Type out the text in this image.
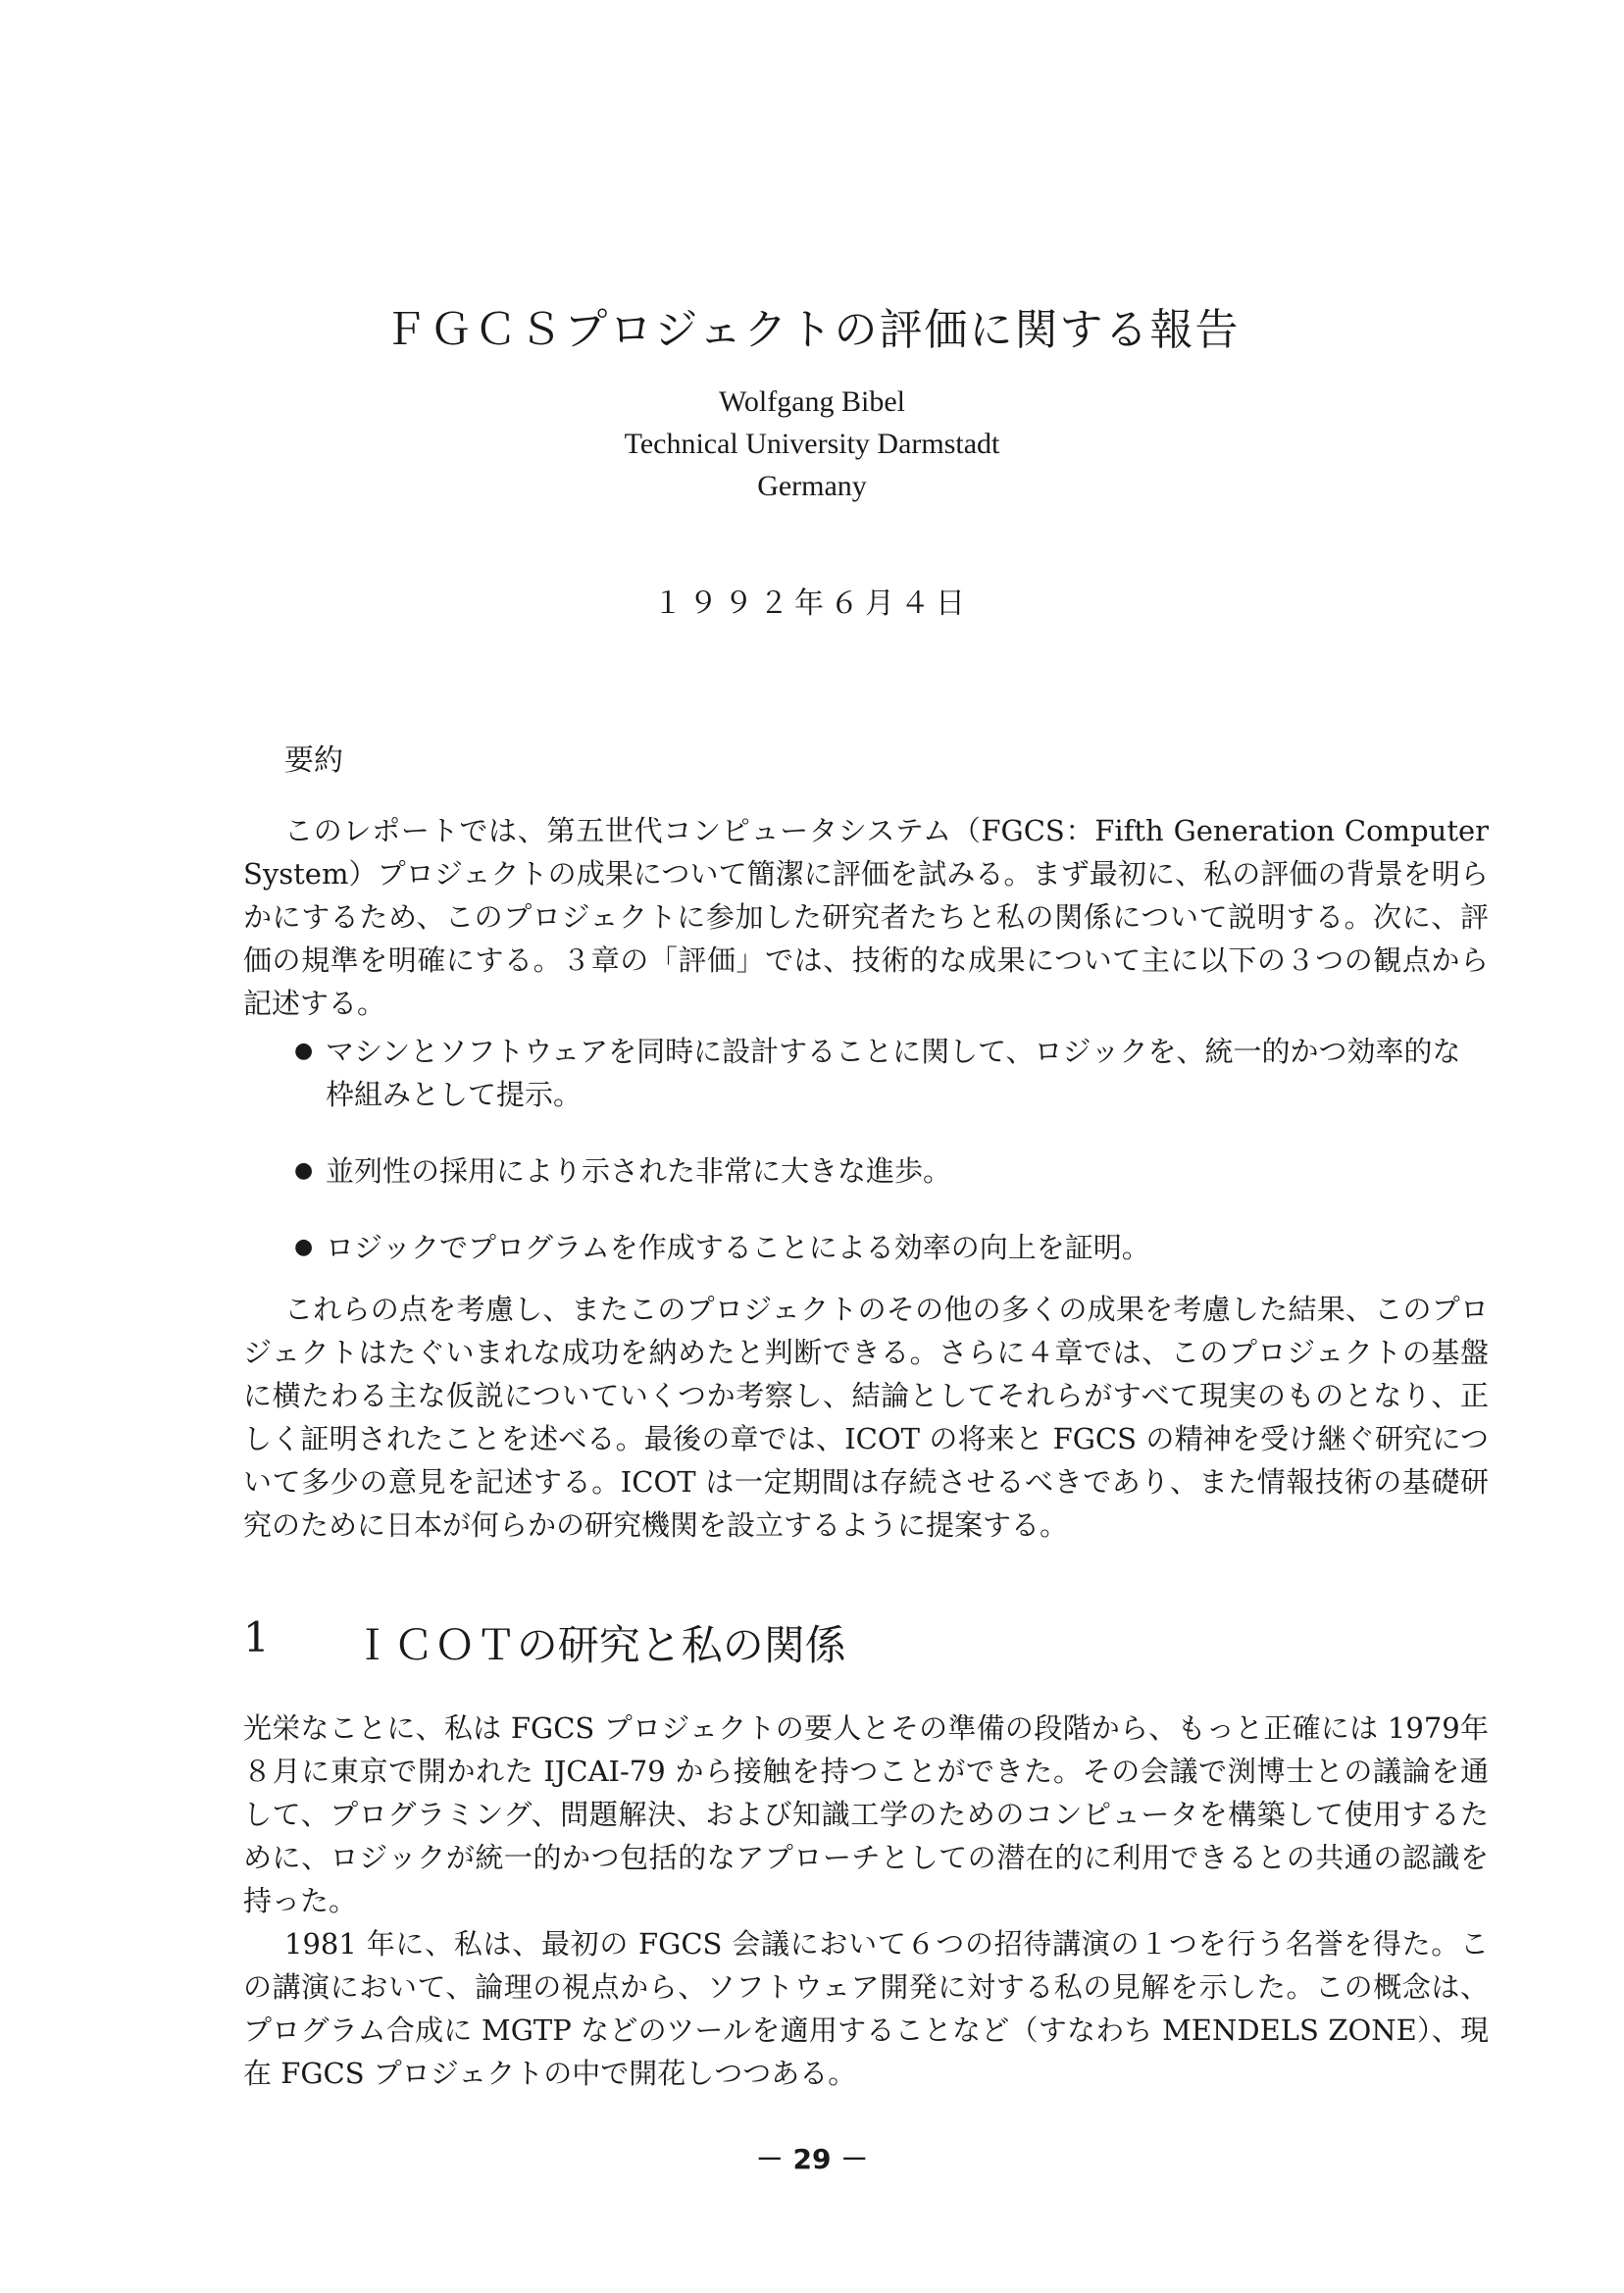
ＦＧＣＳプロジェクトの評価に関する報告
Wolfgang Bibel
Technical University Darmstadt
Germany
１９９２年６月４日
要約

このレポートでは、第五世代コンピュータシステム（FGCS：Fifth Generation Computer System）プロジェクトの成果について簡潔に評価を試みる。まず最初に、私の評価の背景を明らかにするため、このプロジェクトに参加した研究者たちと私の関係について説明する。次に、評価の規準を明確にする。３章の「評価」では、技術的な成果について主に以下の３つの観点から記述する。

● マシンとソフトウェアを同時に設計することに関して、ロジックを、統一的かつ効率的な枠組みとして提示。
● 並列性の採用により示された非常に大きな進歩。
● ロジックでプログラムを作成することによる効率の向上を証明。

これらの点を考慮し、またこのプロジェクトのその他の多くの成果を考慮した結果、このプロジェクトはたぐいまれな成功を納めたと判断できる。さらに４章では、このプロジェクトの基盤に横たわる主な仮説についていくつか考察し、結論としてそれらがすべて現実のものとなり、正しく証明されたことを述べる。最後の章では、ICOT の将来と FGCS の精神を受け継ぐ研究について多少の意見を記述する。ICOT は一定期間は存続させるべきであり、また情報技術の基礎研究のために日本が何らかの研究機関を設立するように提案する。

1 ＩＣＯＴの研究と私の関係

光栄なことに、私は FGCS プロジェクトの要人とその準備の段階から、もっと正確には 1979年８月に東京で開かれた IJCAI-79 から接触を持つことができた。その会議で渕博士との議論を通して、プログラミング、問題解決、および知識工学のためのコンピュータを構築して使用するために、ロジックが統一的かつ包括的なアプローチとしての潜在的に利用できるとの共通の認識を持った。

1981 年に、私は、最初の FGCS 会議において６つの招待講演の１つを行う名誉を得た。この講演において、論理の視点から、ソフトウェア開発に対する私の見解を示した。この概念は、プログラム合成に MGTP などのツールを適用することなど（すなわち MENDELS ZONE）、現在 FGCS プロジェクトの中で開花しつつある。

－ 29 －
